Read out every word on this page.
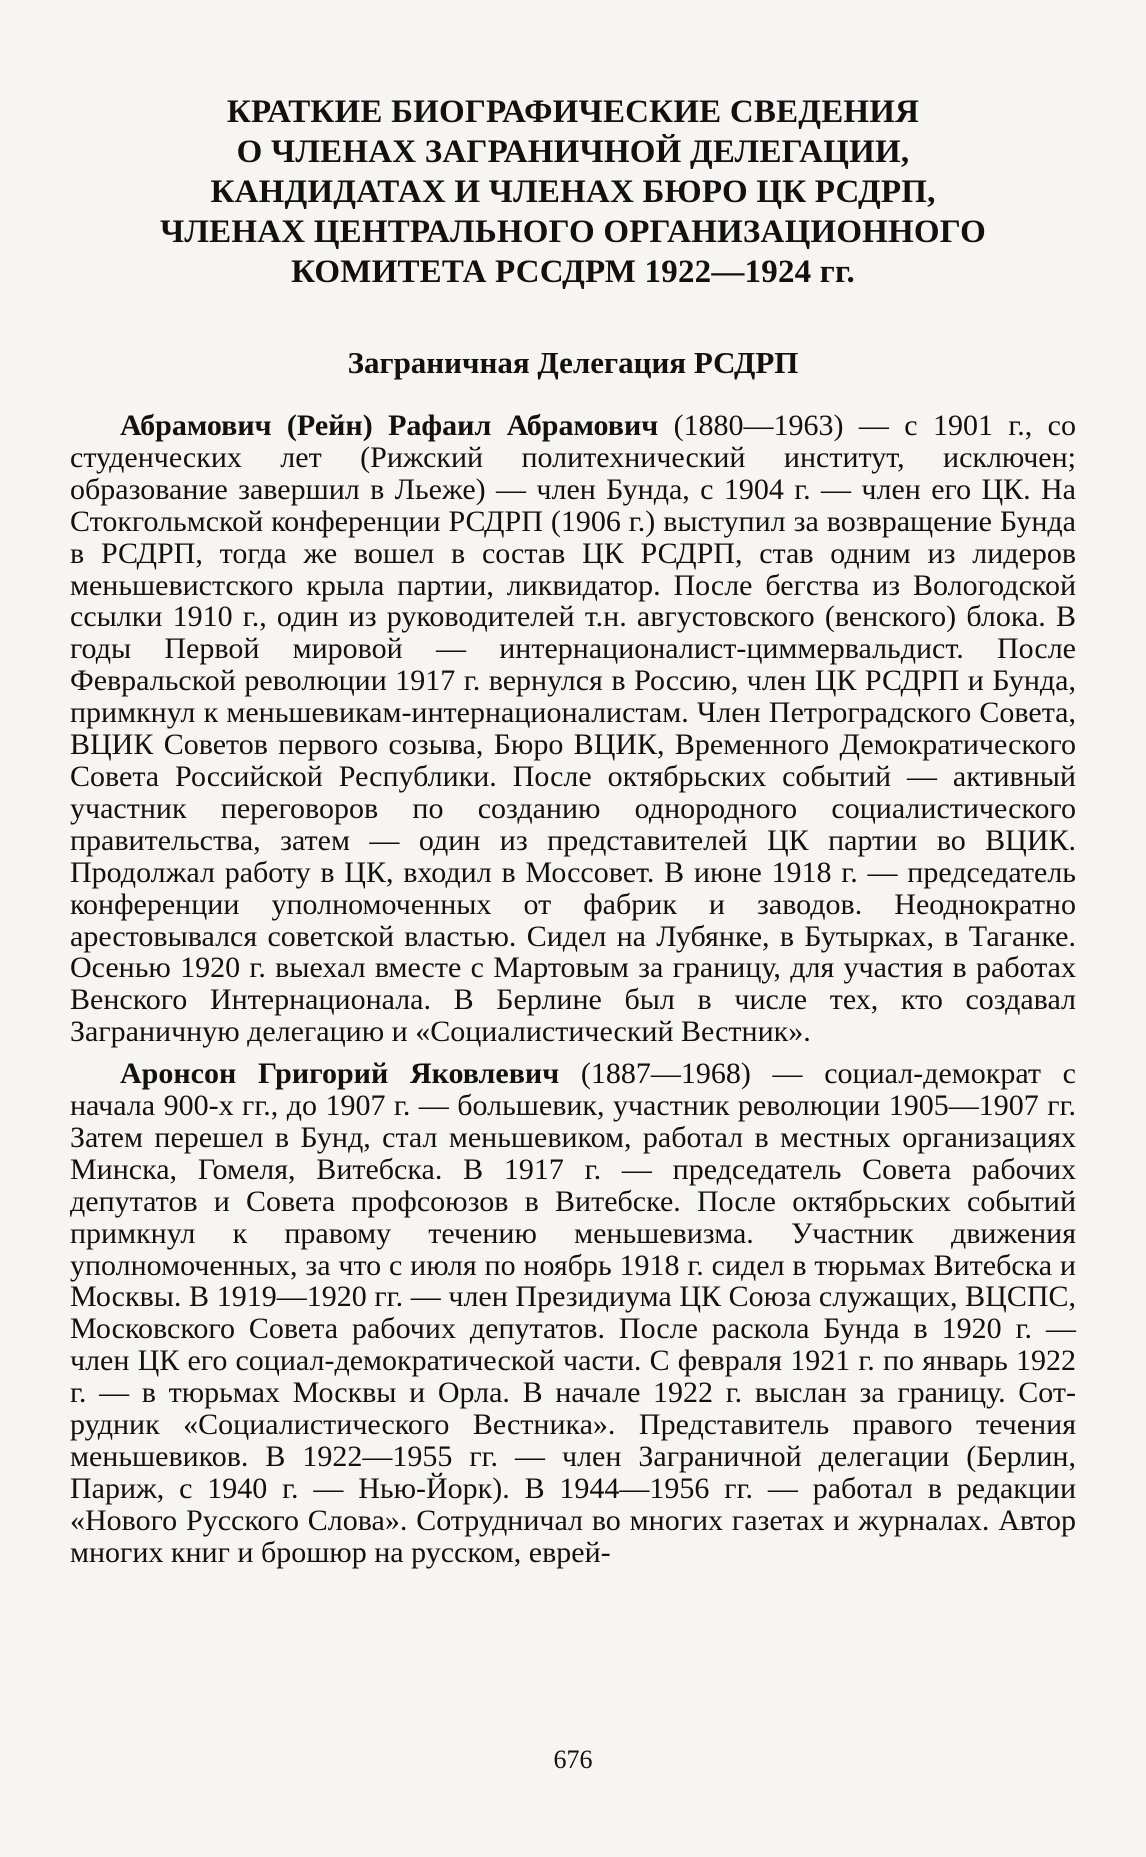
КРАТКИЕ БИОГРАФИЧЕСКИЕ СВЕДЕНИЯ
О ЧЛЕНАХ ЗАГРАНИЧНОЙ ДЕЛЕГАЦИИ,
КАНДИДАТАХ И ЧЛЕНАХ БЮРО ЦК РСДРП,
ЧЛЕНАХ ЦЕНТРАЛЬНОГО ОРГАНИЗАЦИОННОГО
КОМИТЕТА РССДРМ 1922—1924 гг.
Заграничная Делегация РСДРП

Абрамович (Рейн) Рафаил Абрамович (1880—1963) — с 1901 г., со студенческих лет (Рижский политехнический институт, исключен; образование завершил в Льеже) — член Бунда, с 1904 г. — член его ЦК. На Стокгольмской конференции РСДРП (1906 г.) выступил за возвращение Бунда в РСДРП, тогда же вошел в состав ЦК РСДРП, став одним из лидеров меньшевистского крыла партии, ликвидатор. После бегства из Вологодской ссылки 1910 г., один из руководителей т.н. августовского (венского) блока. В годы Первой мировой — интернационалист-циммервальдист. После Февральской революции 1917 г. вернулся в Россию, член ЦК РСДРП и Бунда, примкнул к меньшевикам-интернационалистам. Член Петроградского Совета, ВЦИК Советов первого созыва, Бюро ВЦИК, Временного Демократического Совета Российской Республики. После октябрьских событий — активный участник переговоров по созданию однородного социалистического правительства, затем — один из представителей ЦК партии во ВЦИК. Продолжал работу в ЦК, входил в Моссовет. В июне 1918 г. — председатель конференции уполномоченных от фабрик и заводов. Неоднократно арестовывался советской властью. Сидел на Лубянке, в Бутырках, в Таганке. Осенью 1920 г. выехал вместе с Мартовым за границу, для участия в работах Венского Интернационала. В Берлине был в числе тех, кто создавал Заграничную делегацию и «Социалистический Вестник».

Аронсон Григорий Яковлевич (1887—1968) — социал-демократ с начала 900-х гг., до 1907 г. — большевик, участник революции 1905—1907 гг. Затем перешел в Бунд, стал меньшевиком, работал в местных организациях Минска, Гомеля, Витебска. В 1917 г. — председатель Совета рабочих депутатов и Совета профсоюзов в Витебске. После октябрьских событий примкнул к правому течению меньшевизма. Участник движения уполномоченных, за что с июля по ноябрь 1918 г. сидел в тюрьмах Витебска и Москвы. В 1919—1920 гг. — член Президиума ЦК Союза служащих, ВЦСПС, Московского Совета рабочих депутатов. После раскола Бунда в 1920 г. — член ЦК его социал-демократической части. С февраля 1921 г. по январь 1922 г. — в тюрьмах Москвы и Орла. В начале 1922 г. выслан за границу. Сотрудник «Социалистического Вестника». Представитель правого течения меньшевиков. В 1922—1955 гг. — член Заграничной делегации (Берлин, Париж, с 1940 г. — Нью-Йорк). В 1944—1956 гг. — работал в редакции «Нового Русского Слова». Сотрудничал во многих газетах и журналах. Автор многих книг и брошюр на русском, еврей-

676
